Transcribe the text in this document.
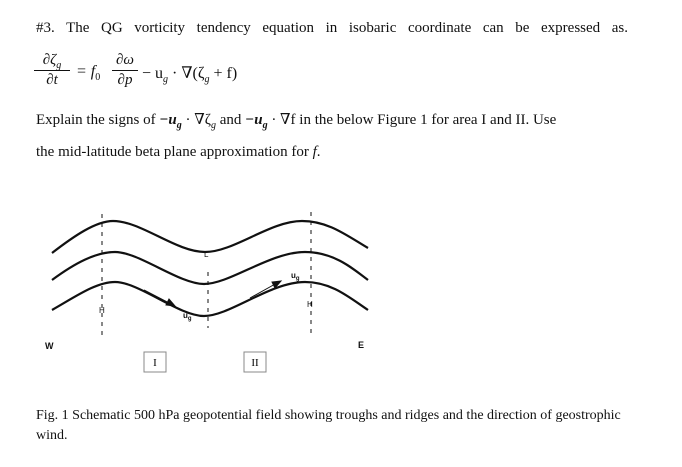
#3. The QG vorticity tendency equation in isobaric coordinate can be expressed as.
$\frac{\partial\zeta_g}{\partial t} = f_0 \frac{\partial\omega}{\partial p} - u_g \cdot \nabla(\zeta_g + f)$
Explain the signs of $-u_g \cdot \nabla\zeta_g$ and $-u_g \cdot \nabla f$ in the below Figure 1 for area I and II. Use
the mid-latitude beta plane approximation for f.
W	E
H
L
H
$u_g$
$u_g$
I	II
Fig. 1 Schematic 500 hPa geopotential field showing troughs and ridges and the direction of geostrophic wind.
